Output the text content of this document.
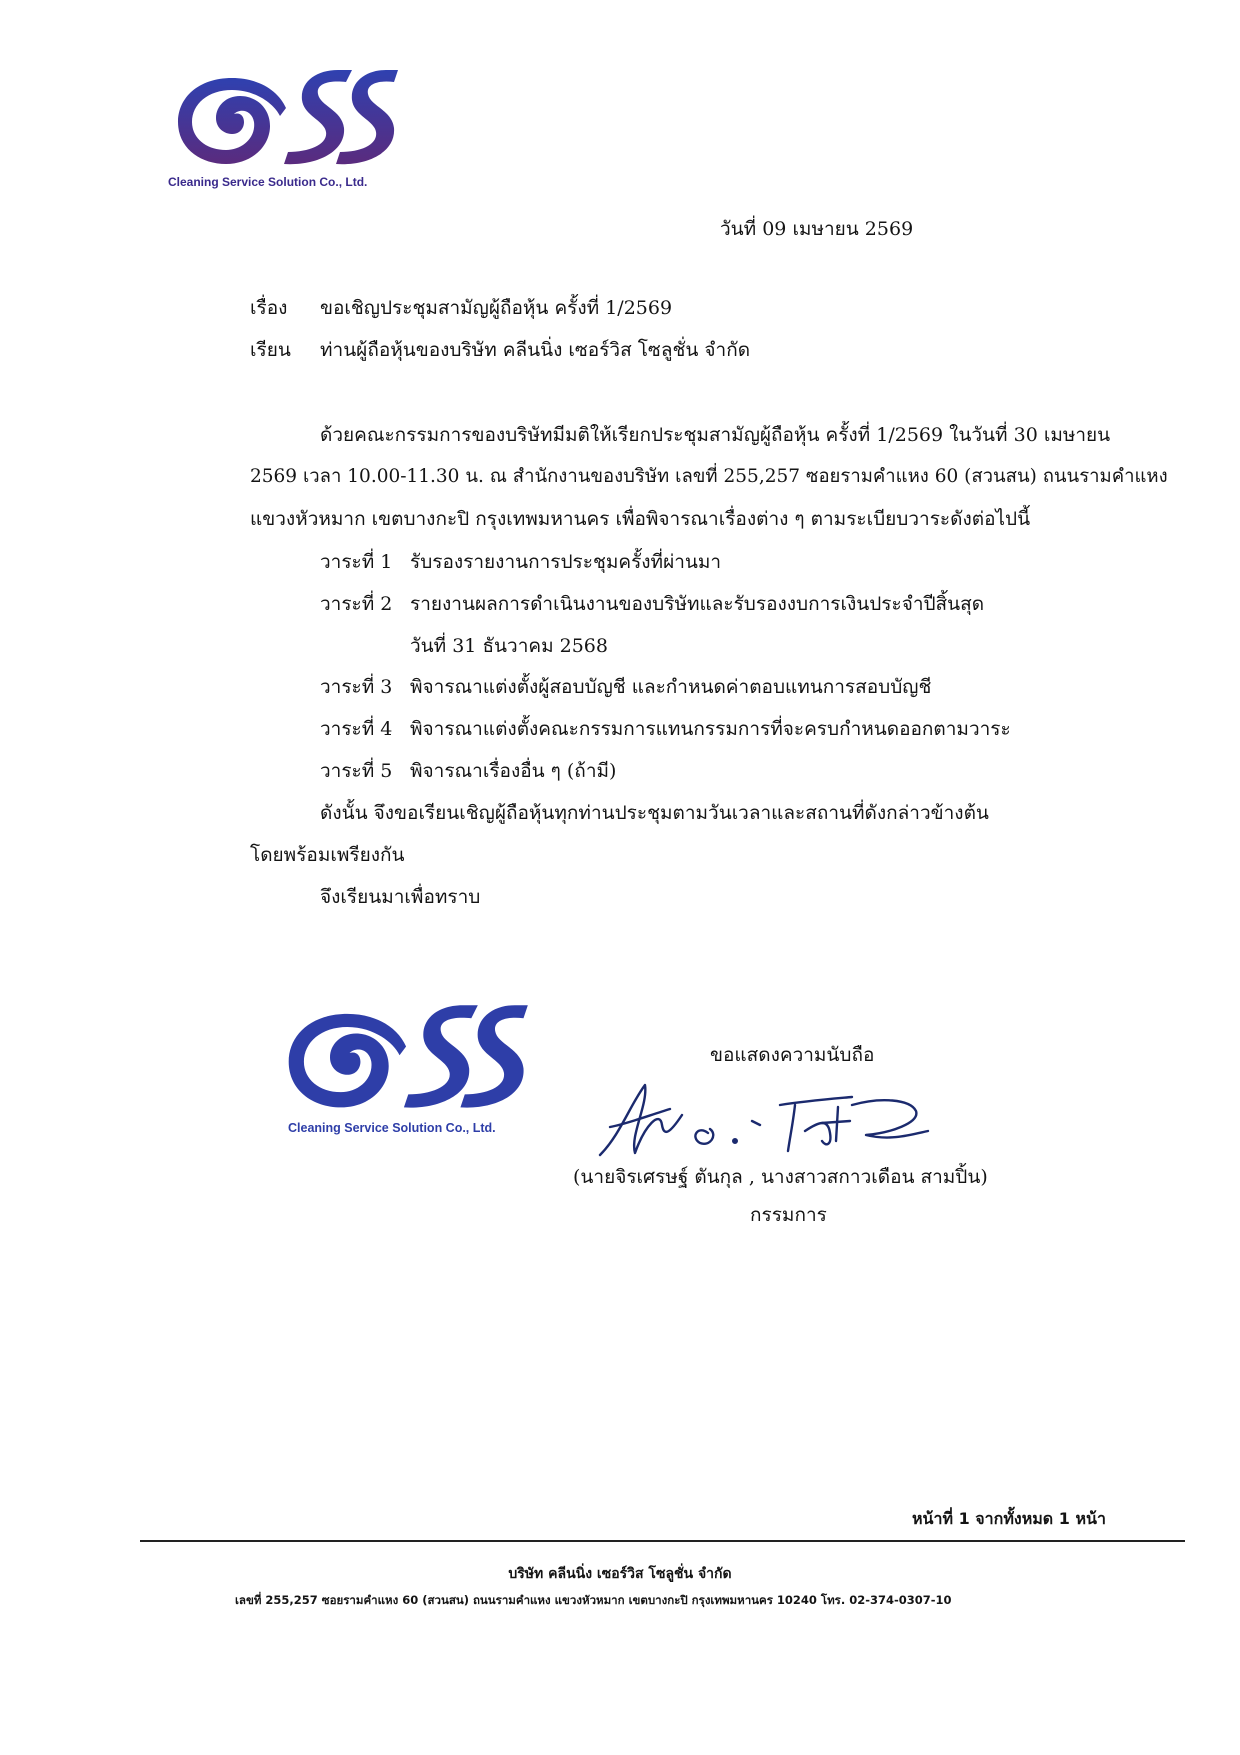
Cleaning Service Solution Co., Ltd.
วันที่ 09 เมษายน 2569
เรื่อง ขอเชิญประชุมสามัญผู้ถือหุ้น ครั้งที่ 1/2569
เรียน ท่านผู้ถือหุ้นของบริษัท คลีนนิ่ง เซอร์วิส โซลูชั่น จำกัด
ด้วยคณะกรรมการของบริษัทมีมติให้เรียกประชุมสามัญผู้ถือหุ้น ครั้งที่ 1/2569 ในวันที่ 30 เมษายน
2569 เวลา 10.00-11.30 น. ณ สำนักงานของบริษัท เลขที่ 255,257 ซอยรามคำแหง 60 (สวนสน) ถนนรามคำแหง
แขวงหัวหมาก เขตบางกะปิ กรุงเทพมหานคร เพื่อพิจารณาเรื่องต่าง ๆ ตามระเบียบวาระดังต่อไปนี้
วาระที่ 1 รับรองรายงานการประชุมครั้งที่ผ่านมา
วาระที่ 2 รายงานผลการดำเนินงานของบริษัทและรับรองงบการเงินประจำปีสิ้นสุด
วันที่ 31 ธันวาคม 2568
วาระที่ 3 พิจารณาแต่งตั้งผู้สอบบัญชี และกำหนดค่าตอบแทนการสอบบัญชี
วาระที่ 4 พิจารณาแต่งตั้งคณะกรรมการแทนกรรมการที่จะครบกำหนดออกตามวาระ
วาระที่ 5 พิจารณาเรื่องอื่น ๆ (ถ้ามี)
ดังนั้น จึงขอเรียนเชิญผู้ถือหุ้นทุกท่านประชุมตามวันเวลาและสถานที่ดังกล่าวข้างต้น
โดยพร้อมเพรียงกัน
จึงเรียนมาเพื่อทราบ
Cleaning Service Solution Co., Ltd.
ขอแสดงความนับถือ
(นายจิรเศรษฐ์ ตันกุล , นางสาวสกาวเดือน สามปิ้น)
กรรมการ
หน้าที่ 1 จากทั้งหมด 1 หน้า
บริษัท คลีนนิ่ง เซอร์วิส โซลูชั่น จำกัด
เลขที่ 255,257 ซอยรามคำแหง 60 (สวนสน) ถนนรามคำแหง แขวงหัวหมาก เขตบางกะปิ กรุงเทพมหานคร 10240 โทร. 02-374-0307-10
